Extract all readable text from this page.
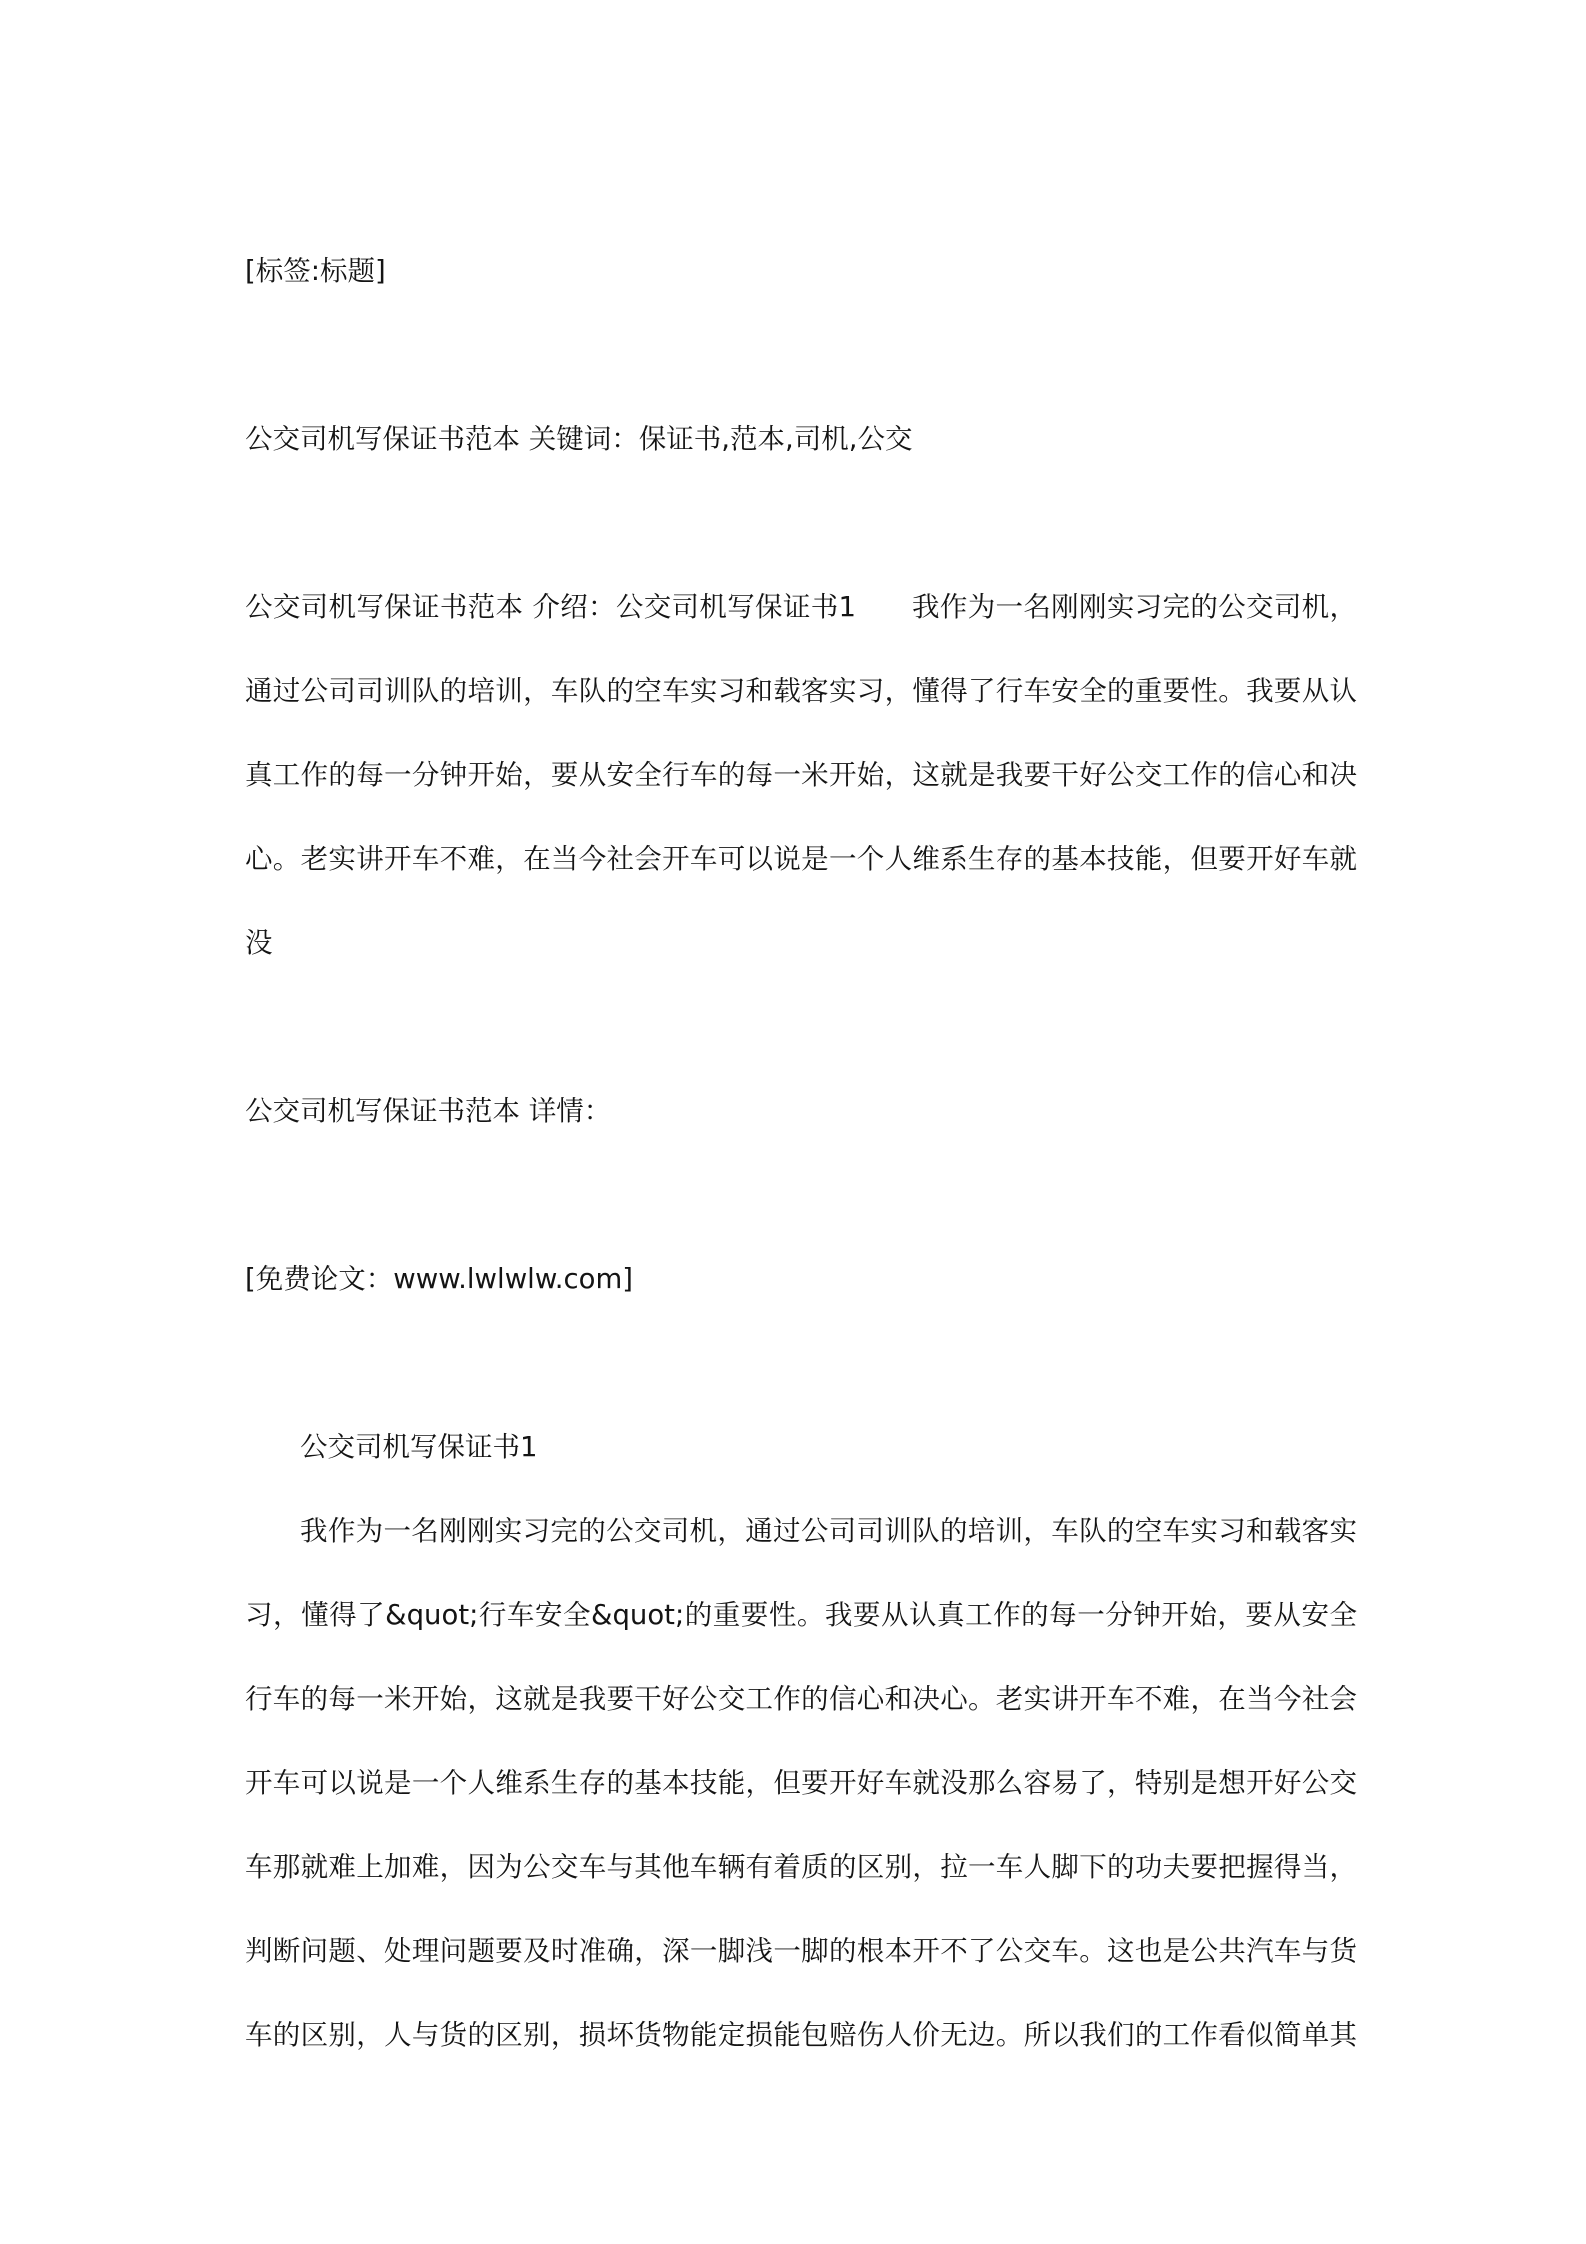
[标签:标题]
公交司机写保证书范本 关键词：保证书,范本,司机,公交
公交司机写保证书范本 介绍：公交司机写保证书1　　我作为一名刚刚实习完的公交司机，
通过公司司训队的培训，车队的空车实习和载客实习，懂得了行车安全的重要性。我要从认
真工作的每一分钟开始，要从安全行车的每一米开始，这就是我要干好公交工作的信心和决
心。老实讲开车不难，在当今社会开车可以说是一个人维系生存的基本技能，但要开好车就
没
公交司机写保证书范本 详情：
[免费论文：www.lwlwlw.com]
公交司机写保证书1
我作为一名刚刚实习完的公交司机，通过公司司训队的培训，车队的空车实习和载客实
习，懂得了&quot;行车安全&quot;的重要性。我要从认真工作的每一分钟开始，要从安全
行车的每一米开始，这就是我要干好公交工作的信心和决心。老实讲开车不难，在当今社会
开车可以说是一个人维系生存的基本技能，但要开好车就没那么容易了，特别是想开好公交
车那就难上加难，因为公交车与其他车辆有着质的区别，拉一车人脚下的功夫要把握得当，
判断问题、处理问题要及时准确，深一脚浅一脚的根本开不了公交车。这也是公共汽车与货
车的区别，人与货的区别，损坏货物能定损能包赔伤人价无边。所以我们的工作看似简单其
